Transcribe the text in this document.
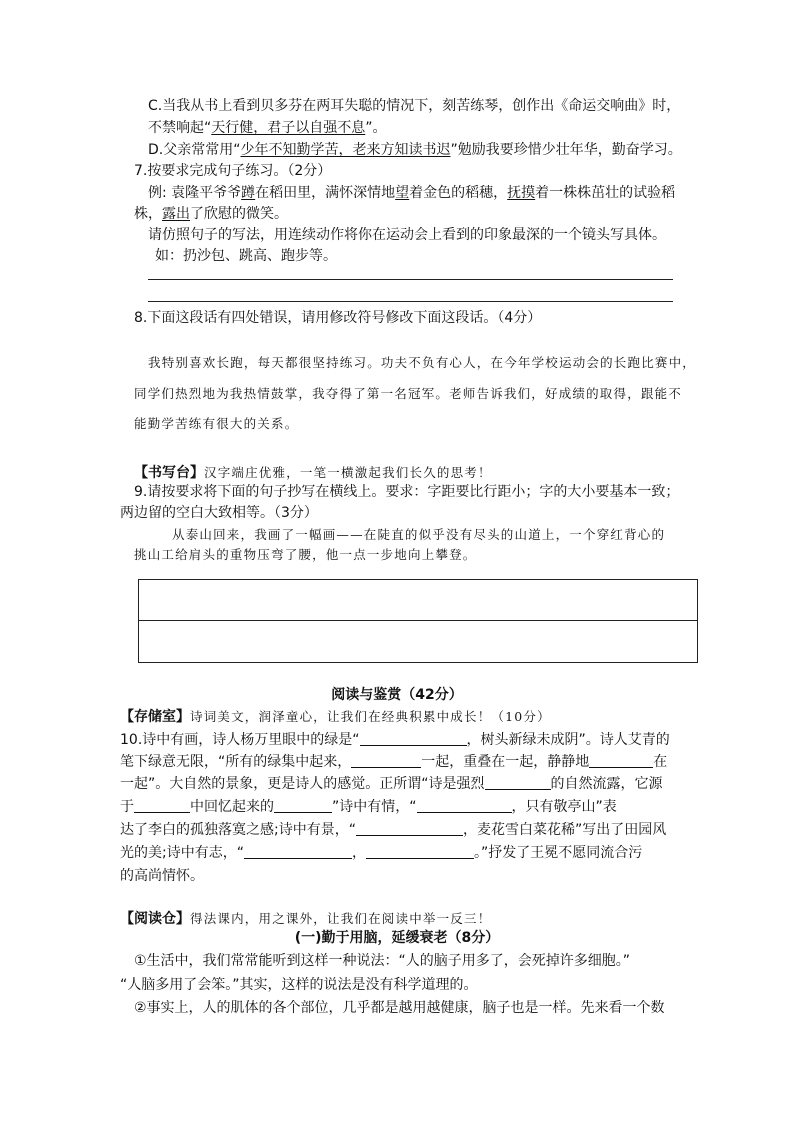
C.当我从书上看到贝多芬在两耳失聪的情况下，刻苦练琴，创作出《命运交响曲》时，
不禁响起“天行健，君子以自强不息”。
D.父亲常常用“少年不知勤学苦，老来方知读书迟”勉励我要珍惜少壮年华，勤奋学习。
7.按要求完成句子练习。（2分）
例: 袁隆平爷爷蹲在稻田里，满怀深情地望着金色的稻穗，抚摸着一株株茁壮的试验稻
株，露出了欣慰的微笑。
请仿照句子的写法，用连续动作将你在运动会上看到的印象最深的一个镜头写具体。
如：扔沙包、跳高、跑步等。
8.下面这段话有四处错误，请用修改符号修改下面这段话。（4分）
我特别喜欢长跑，每天都很坚持练习。功夫不负有心人，在今年学校运动会的长跑比赛中，
同学们热烈地为我热情鼓掌，我夺得了第一名冠军。老师告诉我们，好成绩的取得，跟能不
能勤学苦练有很大的关系。
【书写台】汉字端庄优雅，一笔一横激起我们长久的思考！
9.请按要求将下面的句子抄写在横线上。要求：字距要比行距小；字的大小要基本一致；
两边留的空白大致相等。（3分）
从泰山回来，我画了一幅画——在陡直的似乎没有尽头的山道上，一个穿红背心的
挑山工给肩头的重物压弯了腰，他一点一步地向上攀登。
阅读与鉴赏（42分）
【存储室】诗词美文，润泽童心，让我们在经典积累中成长！（10分）
10.诗中有画，诗人杨万里眼中的绿是“	，树头新绿未成阴”。诗人艾青的
笔下绿意无限，“所有的绿集中起来，	一起，重叠在一起，静静地	在
一起”。大自然的景象，更是诗人的感觉。正所谓“诗是强烈	的自然流露，它源
于	中回忆起来的	”诗中有情，“	，只有敬亭山”表
达了李白的孤独落寞之感;诗中有景，“	，麦花雪白菜花稀”写出了田园风
光的美;诗中有志，“	，	。”抒发了王冕不愿同流合污
的高尚情怀。
【阅读仓】得法课内，用之课外，让我们在阅读中举一反三！
(一)勤于用脑，延缓衰老（8分）
①生活中，我们常常能听到这样一种说法：“人的脑子用多了，会死掉许多细胞。”
“人脑多用了会笨。”其实，这样的说法是没有科学道理的。
②事实上，人的肌体的各个部位，几乎都是越用越健康，脑子也是一样。先来看一个数
